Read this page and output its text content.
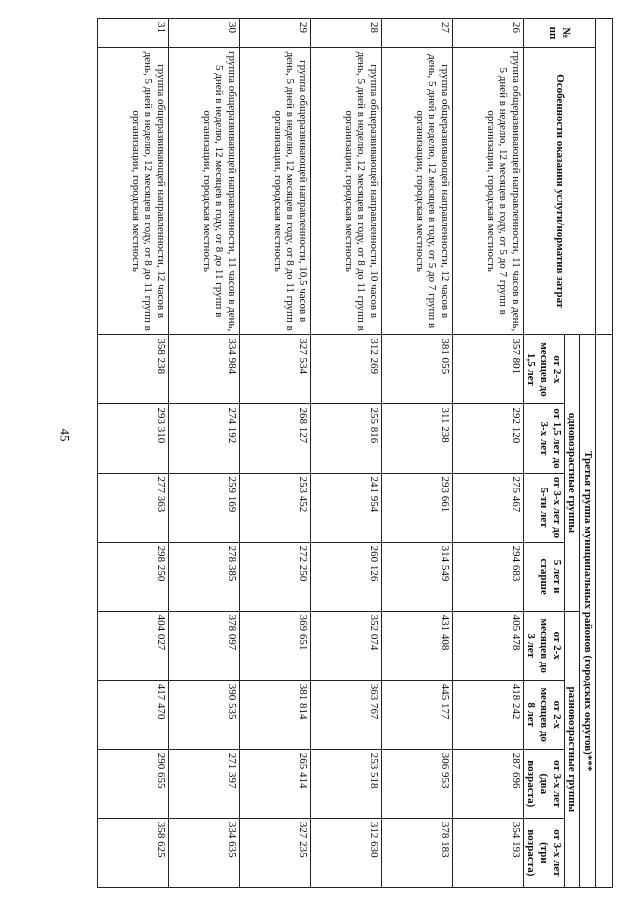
45

№
пп	Особенности оказания услуги/норматив затрат	Третья группа муниципальных районов (городских округов)***							
		одновозрастные группы				разновозрастные группы			
		от 2-х месяцев до 1,5 лет	от 1,5 лет до 3-х лет	от 3-х лет до 5-ти лет	5 лет и старше	от 2-х месяцев до 3 лет	от 2-х месяцев до 8 лет	от 3-х лет (два возраста)	от 3-х лет (три возраста)
26	группа общеразвивающей направленности, 11 часов в день, 5 дней в неделю, 12 месяцев в году, от 5 до 7 групп в организации, городская местность	357 801	292 120	275 467	294 683	405 478	418 242	287 696	354 193
27	группа общеразвивающей направленности, 12 часов в день, 5 дней в неделю, 12 месяцев в году, от 5 до 7 групп в организации, городская местность	381 055	311 238	293 661	314 549	431 408	445 177	306 953	378 183
28	группа общеразвивающей направленности, 10 часов в день, 5 дней в неделю, 12 месяцев в году, от 8 до 11 групп в организации, городская местность	312 269	255 816	241 954	260 126	352 074	363 767	253 518	312 630
29	группа общеразвивающей направленности, 10,5 часов в день, 5 дней в неделю, 12 месяцев в году, от 8 до 11 групп в организации, городская местность	327 534	268 127	253 452	272 250	369 651	381 814	265 414	327 235
30	группа общеразвивающей направленности, 11 часов в день, 5 дней в неделю, 12 месяцев в году, от 8 до 11 групп в организации, городская местность	334 984	274 192	259 169	278 385	378 097	390 535	271 397	334 635
31	группа общеразвивающей направленности, 12 часов в день, 5 дней в неделю, 12 месяцев в году, от 8 до 11 групп в организации, городская местность	358 238	293 310	277 363	298 250	404 027	417 470	290 655	358 625
